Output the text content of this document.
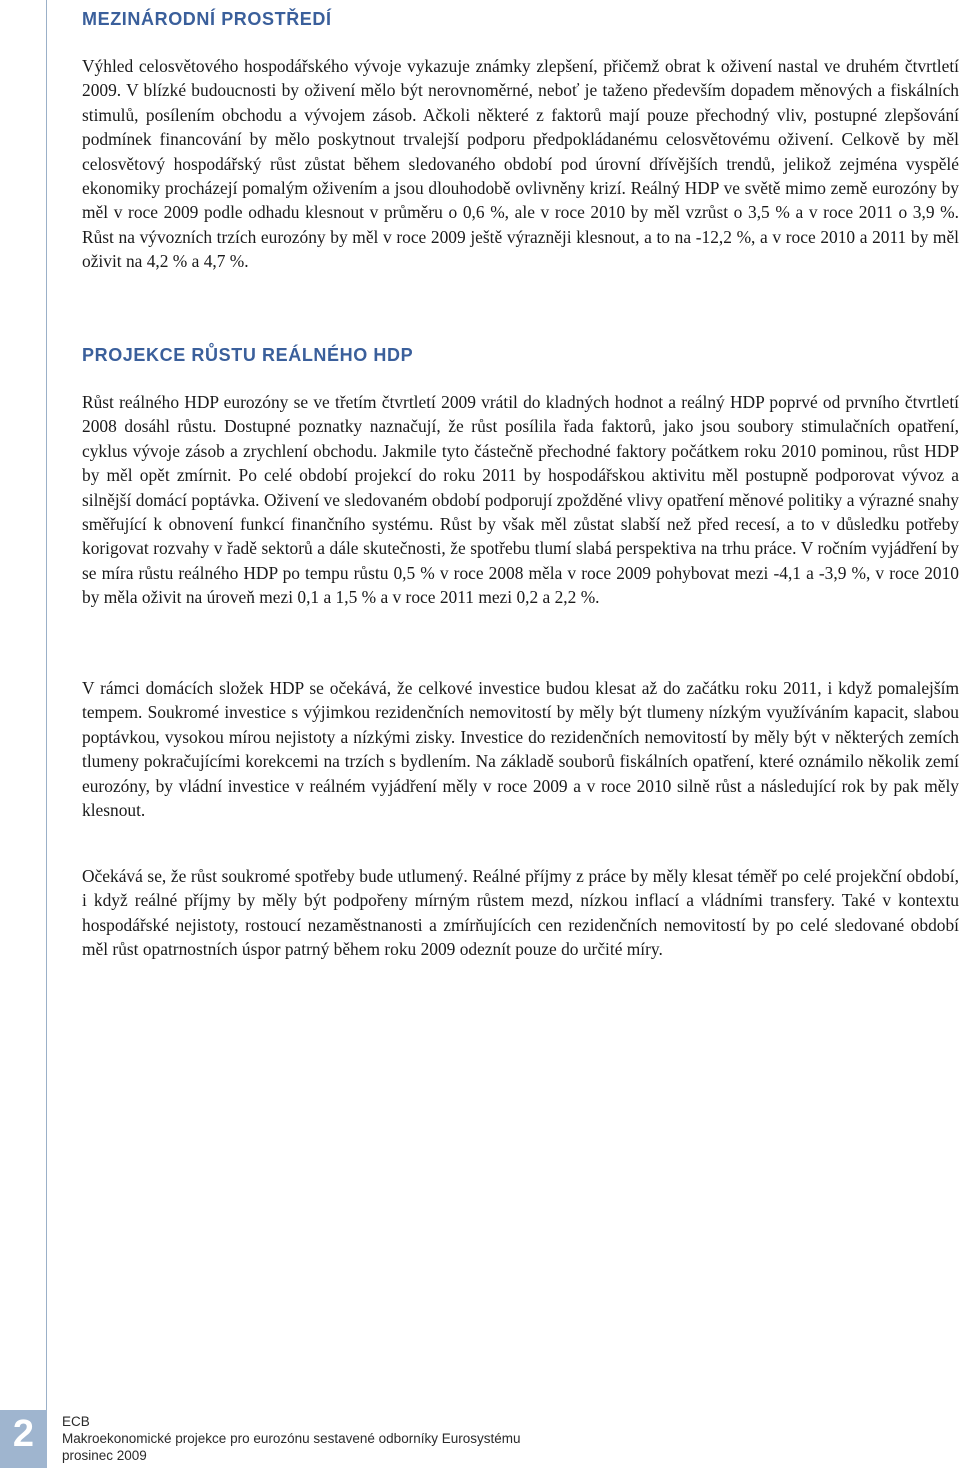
MEZINÁRODNÍ PROSTŘEDÍ

Výhled celosvětového hospodářského vývoje vykazuje známky zlepšení, přičemž obrat k oživení nastal ve druhém čtvrtletí 2009. V blízké budoucnosti by oživení mělo být nerovnoměrné, neboť je taženo především dopadem měnových a fiskálních stimulů, posílením obchodu a vývojem zásob. Ačkoli některé z faktorů mají pouze přechodný vliv, postupné zlepšování podmínek financování by mělo poskytnout trvalejší podporu předpokládanému celosvětovému oživení. Celkově by měl celosvětový hospodářský růst zůstat během sledovaného období pod úrovní dřívějších trendů, jelikož zejména vyspělé ekonomiky procházejí pomalým oživením a jsou dlouhodobě ovlivněny krizí. Reálný HDP ve světě mimo země eurozóny by měl v roce 2009 podle odhadu klesnout v průměru o 0,6 %, ale v roce 2010 by měl vzrůst o 3,5 % a v roce 2011 o 3,9 %. Růst na vývozních trzích eurozóny by měl v roce 2009 ještě výrazněji klesnout, a to na -12,2 %, a v roce 2010 a 2011 by měl oživit na 4,2 % a 4,7 %.

PROJEKCE RŮSTU REÁLNÉHO HDP

Růst reálného HDP eurozóny se ve třetím čtvrtletí 2009 vrátil do kladných hodnot a reálný HDP poprvé od prvního čtvrtletí 2008 dosáhl růstu. Dostupné poznatky naznačují, že růst posílila řada faktorů, jako jsou soubory stimulačních opatření, cyklus vývoje zásob a zrychlení obchodu. Jakmile tyto částečně přechodné faktory počátkem roku 2010 pominou, růst HDP by měl opět zmírnit. Po celé období projekcí do roku 2011 by hospodářskou aktivitu měl postupně podporovat vývoz a silnější domácí poptávka. Oživení ve sledovaném období podporují zpožděné vlivy opatření měnové politiky a výrazné snahy směřující k obnovení funkcí finančního systému. Růst by však měl zůstat slabší než před recesí, a to v důsledku potřeby korigovat rozvahy v řadě sektorů a dále skutečnosti, že spotřebu tlumí slabá perspektiva na trhu práce. V ročním vyjádření by se míra růstu reálného HDP po tempu růstu 0,5 % v roce 2008 měla v roce 2009 pohybovat mezi -4,1 a -3,9 %, v roce 2010 by měla oživit na úroveň mezi 0,1 a 1,5 % a v roce 2011 mezi 0,2 a 2,2 %.

V rámci domácích složek HDP se očekává, že celkové investice budou klesat až do začátku roku 2011, i když pomalejším tempem. Soukromé investice s výjimkou rezidenčních nemovitostí by měly být tlumeny nízkým využíváním kapacit, slabou poptávkou, vysokou mírou nejistoty a nízkými zisky. Investice do rezidenčních nemovitostí by měly být v některých zemích tlumeny pokračujícími korekcemi na trzích s bydlením. Na základě souborů fiskálních opatření, které oznámilo několik zemí eurozóny, by vládní investice v reálném vyjádření měly v roce 2009 a v roce 2010 silně růst a následující rok by pak měly klesnout.

Očekává se, že růst soukromé spotřeby bude utlumený. Reálné příjmy z práce by měly klesat téměř po celé projekční období, i když reálné příjmy by měly být podpořeny mírným růstem mezd, nízkou inflací a vládními transfery. Také v kontextu hospodářské nejistoty, rostoucí nezaměstnanosti a zmírňujících cen rezidenčních nemovitostí by po celé sledované období měl růst opatrnostních úspor patrný během roku 2009 odeznít pouze do určité míry.

2	ECB
Makroekonomické projekce pro eurozónu sestavené odborníky Eurosystému
prosinec 2009
